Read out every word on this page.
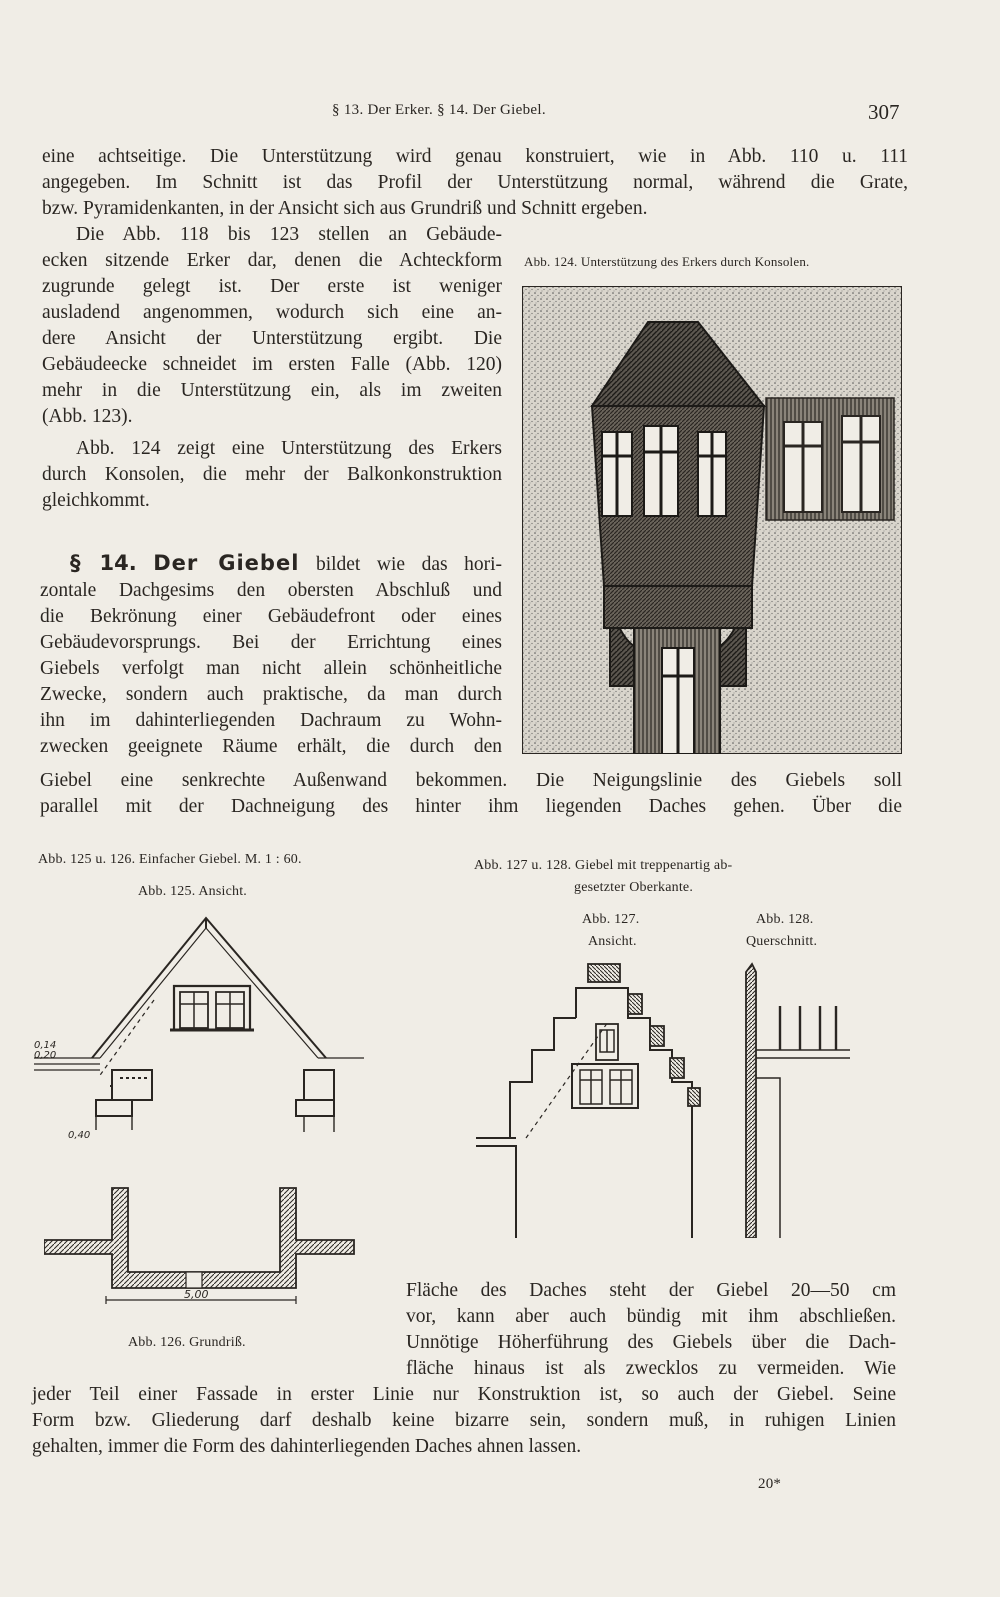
§ 13. Der Erker. § 14. Der Giebel.	307
eine achtseitige. Die Unterstützung wird genau konstruiert, wie in Abb. 110 u. 111
angegeben. Im Schnitt ist das Profil der Unterstützung normal, während die Grate,
bzw. Pyramidenkanten, in der Ansicht sich aus Grundriß und Schnitt ergeben.
Die Abb. 118 bis 123 stellen an Gebäude-
ecken sitzende Erker dar, denen die Achteckform
zugrunde gelegt ist. Der erste ist weniger
ausladend angenommen, wodurch sich eine an-
dere Ansicht der Unterstützung ergibt. Die
Gebäudeecke schneidet im ersten Falle (Abb. 120)
mehr in die Unterstützung ein, als im zweiten
(Abb. 123).
Abb. 124 zeigt eine Unterstützung des Erkers
durch Konsolen, die mehr der Balkonkonstruktion
gleichkommt.
§ 14. Der Giebel bildet wie das hori-
zontale Dachgesims den obersten Abschluß und
die Bekrönung einer Gebäudefront oder eines
Gebäudevorsprungs. Bei der Errichtung eines
Giebels verfolgt man nicht allein schönheitliche
Zwecke, sondern auch praktische, da man durch
ihn im dahinterliegenden Dachraum zu Wohn-
zwecken geeignete Räume erhält, die durch den
Giebel eine senkrechte Außenwand bekommen. Die Neigungslinie des Giebels soll
parallel mit der Dachneigung des hinter ihm liegenden Daches gehen. Über die
Abb. 124. Unterstützung des Erkers durch Konsolen.
Abb. 125 u. 126. Einfacher Giebel. M. 1 : 60.
Abb. 125. Ansicht.
0,14
0,20
0,40
5,00
Abb. 126. Grundriß.
Abb. 127 u. 128. Giebel mit treppenartig ab-
gesetzter Oberkante.
Abb. 127.
Ansicht.
Abb. 128.
Querschnitt.
Fläche des Daches steht der Giebel 20—50 cm
vor, kann aber auch bündig mit ihm abschließen.
Unnötige Höherführung des Giebels über die Dach-
fläche hinaus ist als zwecklos zu vermeiden. Wie
jeder Teil einer Fassade in erster Linie nur Konstruktion ist, so auch der Giebel. Seine
Form bzw. Gliederung darf deshalb keine bizarre sein, sondern muß, in ruhigen Linien
gehalten, immer die Form des dahinterliegenden Daches ahnen lassen.
20*
